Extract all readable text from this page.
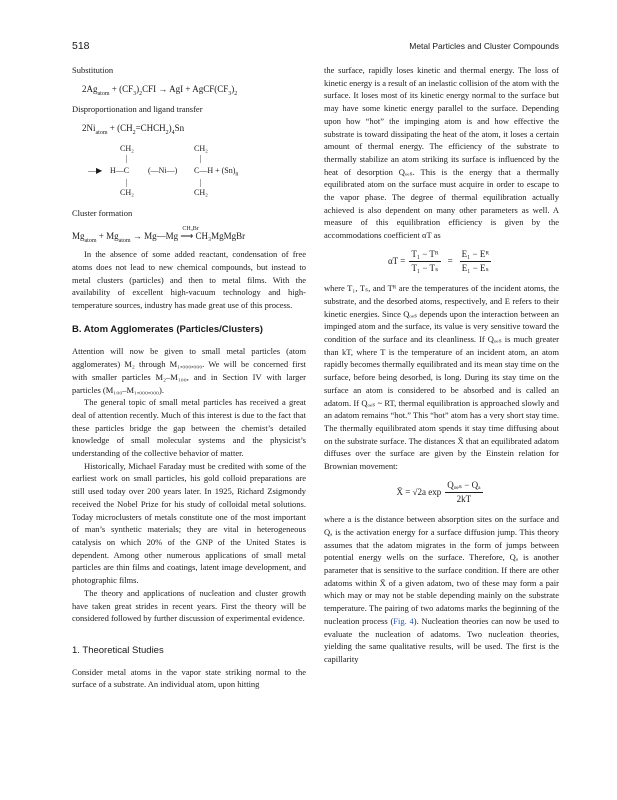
518	Metal Particles and Cluster Compounds

Substitution

$2Ag_{atom} + (CF_3)_2CFI$ → AgI + $AgCF(CF_3)_2$

Disproportionation and ligand transfer

$2Ni_{atom}$ + $(CH_2=CHCH_2)_4Sn$
CH₂	CH₂
|	|
—▶ H—C (—Ni—) C—H + $(Sn)_n$
|	|
CH₂	CH₂

Cluster formation

$Mg_{atom} + Mg_{atom}$ → Mg—Mg
CH₃Br
⟶ CH₃MgMgBr

In the absence of some added reactant, condensation of free atoms does not lead to new chemical compounds, but instead to metal clusters (particles) and then to metal films. With the availability of excellent high-vacuum technology and high-temperature sources, industry has made great use of this process.

B. Atom Agglomerates (Particles/Clusters)

Attention will now be given to small metal particles (atom agglomerates) M₂ through M₁,₀₀₀,₀₀₀. We will be concerned first with smaller particles M₂–M₁₀₀, and in Section IV with larger particles (M₁₀₀–M₁,₀₀₀,₀₀₀).

The general topic of small metal particles has received a great deal of attention recently. Much of this interest is due to the fact that these particles bridge the gap between the chemist’s detailed knowledge of small molecular systems and the physicist’s understanding of the collective behavior of matter.

Historically, Michael Faraday must be credited with some of the earliest work on small particles, his gold colloid preparations are still used today over 200 years later. In 1925, Richard Zsigmondy received the Nobel Prize for his study of colloidal metal solutions. Today microclusters of metals constitute one of the most important of man’s synthetic materials; they are vital in heterogeneous catalysis on which 20% of the GNP of the United States is dependent. Among other numerous applications of small metal particles are thin films and coatings, latent image development, and photographic films.

The theory and applications of nucleation and cluster growth have taken great strides in recent years. First the theory will be considered followed by further discussion of experimental evidence.

1. Theoretical Studies

Consider metal atoms in the vapor state striking normal to the surface of a substrate. An individual atom, upon hitting

the surface, rapidly loses kinetic and thermal energy. The loss of kinetic energy is a result of an inelastic collision of the atom with the surface. It loses most of its kinetic energy normal to the surface but may have some kinetic energy parallel to the surface. Depending upon how “hot” the impinging atom is and how effective the substrate is toward dissipating the heat of the atom, it loses a certain amount of thermal energy. The efficiency of the substrate to thermally stabilize an atom striking its surface is influenced by the heat of desorption Qₒₑₛ. This is the energy that a thermally equilibrated atom on the surface must acquire in order to escape to the vapor phase. The degree of thermal equilibration actually achieved is also dependent on many other parameters as well. A measure of this equilibration efficiency is given by the accommodations coefficient αT as

$\alpha T = \frac{\text{T₁ − Tᴿ}}{\text{T₁ − Tₛ}} = \frac{\text{E₁ − Eᴿ}}{\text{E₁ − Eₛ}}$

where T₁, Tₛ, and Tᴿ are the temperatures of the incident atoms, the substrate, and the desorbed atoms, respectively, and E refers to their kinetic energies. Since Qₒₑₛ depends upon the interaction between an impinged atom and the surface, its value is very sensitive toward the condition of the surface and its cleanliness. If Qₒₑₛ is much greater than kT, where T is the temperature of an incident atom, an atom rapidly becomes thermally equilibrated and its mean stay time on the surface, before being desorbed, is long. During its stay time on the surface an atom is considered to be absorbed and is called an adatom. If Qₒₑₛ ~ RT, thermal equilibration is approached slowly and an adatom remains “hot.” This “hot” atom has a very short stay time. The thermally equilibrated atom spends it stay time diffusing about on the substrate surface. The distances X̄ that an equilibrated adatom diffuses over the surface are given by the Einstein relation for Brownian movement:

X̄ = √2a $\exp \frac{\text{Qₒₑₛ − Qₐ}}{2kT}$

where a is the distance between absorption sites on the surface and Qₐ is the activation energy for a surface diffusion jump. This theory assumes that the adatom migrates in the form of jumps between potential energy wells on the surface. Therefore, Qₐ is another parameter that is sensitive to the surface condition. If there are other adatoms within X̄ of a given adatom, two of these may form a pair which may or may not be stable depending mainly on the substrate temperature. The pairing of two adatoms marks the beginning of the nucleation process (Fig. 4). Nucleation theories can now be used to evaluate the nucleation of adatoms. Two nucleation theories, yielding the same qualitative results, will be used. The first is the capillarity
